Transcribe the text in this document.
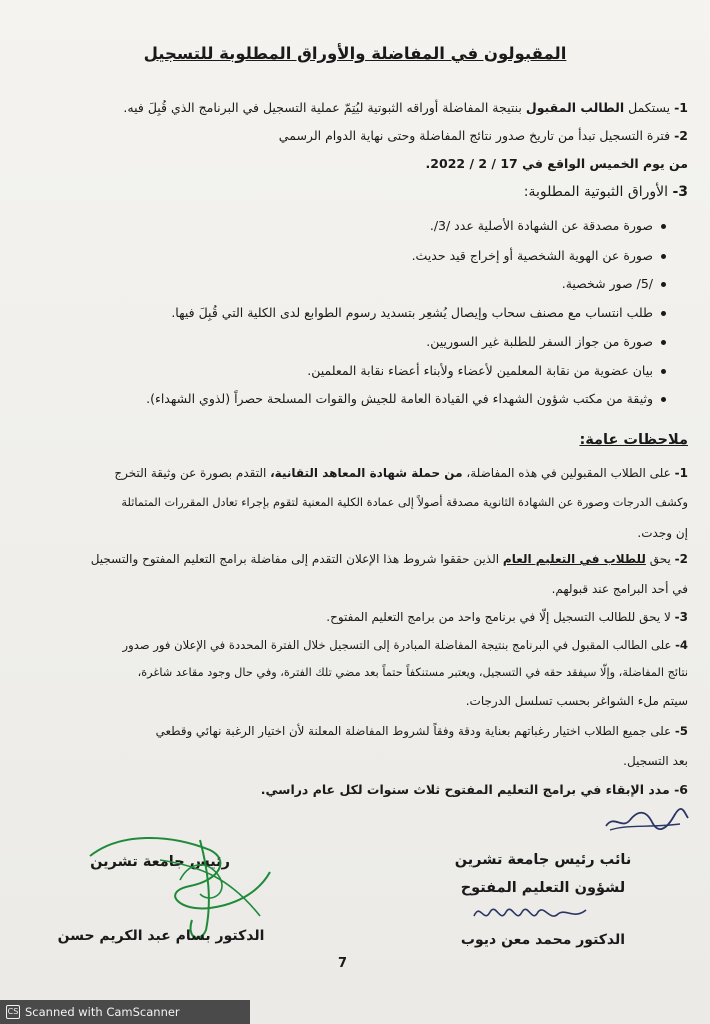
المقبولون في المفاضلة والأوراق المطلوبة للتسجيل
1- يستكمل الطالب المقبول بنتيجة المفاضلة أوراقه الثبوتية ليُتِمّ عملية التسجيل في البرنامج الذي قُبِلَ فيه.
2- فترة التسجيل تبدأ من تاريخ صدور نتائج المفاضلة وحتى نهاية الدوام الرسمي
من يوم الخميس الواقع في 17 / 2 / 2022.
3- الأوراق الثبوتية المطلوبة:
صورة مصدقة عن الشهادة الأصلية عدد /3/.
صورة عن الهوية الشخصية أو إخراج قيد حديث.
/5/ صور شخصية.
طلب انتساب مع مصنف سحاب وإيصال يُشعِر بتسديد رسوم الطوابع لدى الكلية التي قُبِلَ فيها.
صورة من جواز السفر للطلبة غير السوريين.
بيان عضوية من نقابة المعلمين لأعضاء ولأبناء أعضاء نقابة المعلمين.
وثيقة من مكتب شؤون الشهداء في القيادة العامة للجيش والقوات المسلحة حصراً (لذوي الشهداء).
ملاحظات عامة:
1- على الطلاب المقبولين في هذه المفاضلة، من حملة شهادة المعاهد التقانية، التقدم بصورة عن وثيقة التخرج
وكشف الدرجات وصورة عن الشهادة الثانوية مصدقة أصولاً إلى عمادة الكلية المعنية لتقوم بإجراء تعادل المقررات المتماثلة
إن وجدت.
2- يحق للطلاب في التعليم العام الذين حققوا شروط هذا الإعلان التقدم إلى مفاضلة برامج التعليم المفتوح والتسجيل
في أحد البرامج عند قبولهم.
3- لا يحق للطالب التسجيل إلّا في برنامج واحد من برامج التعليم المفتوح.
4- على الطالب المقبول في البرنامج بنتيجة المفاضلة المبادرة إلى التسجيل خلال الفترة المحددة في الإعلان فور صدور
نتائج المفاضلة، وإلّا سيفقد حقه في التسجيل، ويعتبر مستنكفاً حتماً بعد مضي تلك الفترة، وفي حال وجود مقاعد شاغرة،
سيتم ملء الشواغر بحسب تسلسل الدرجات.
5- على جميع الطلاب اختيار رغباتهم بعناية ودقة وفقاً لشروط المفاضلة المعلنة لأن اختيار الرغبة نهائي وقطعي
بعد التسجيل.
6- مدد الإبقاء في برامج التعليم المفتوح ثلاث سنوات لكل عام دراسي.
نائب رئيس جامعة تشرين
لشؤون التعليم المفتوح
الدكتور محمد معن ديوب
رئيس جامعة تشرين
الدكتور بسام عبد الكريم حسن
7
CS Scanned with CamScanner
